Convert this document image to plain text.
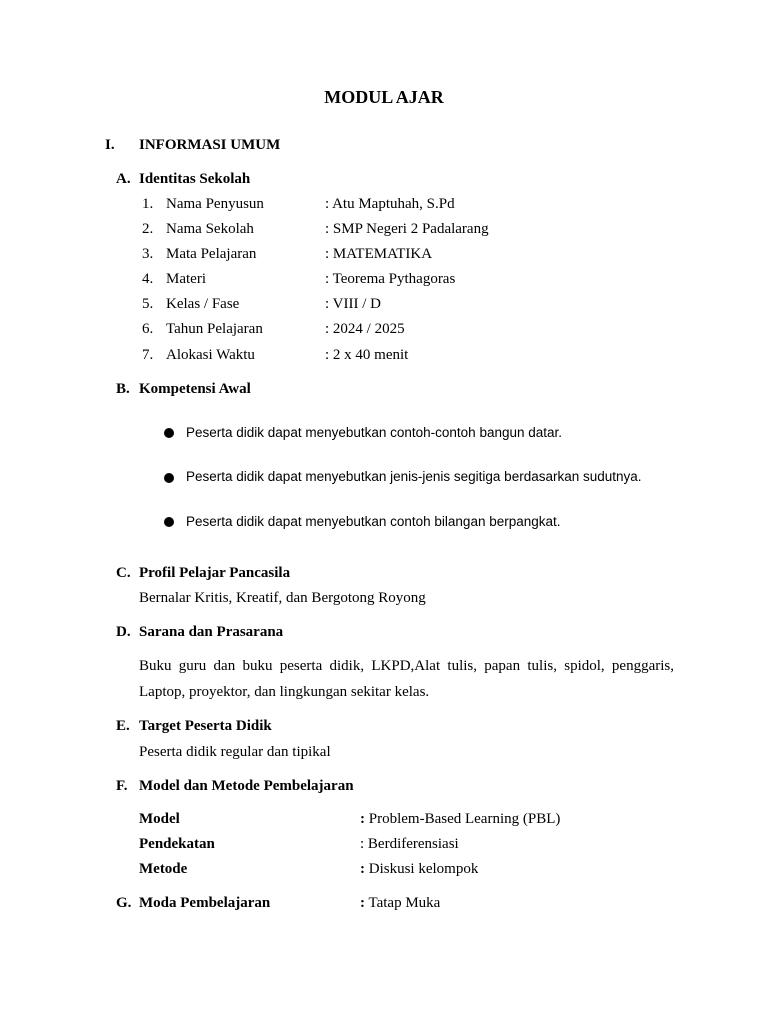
MODUL AJAR
I. INFORMASI UMUM
A. Identitas Sekolah
1. Nama Penyusun	: Atu Maptuhah, S.Pd
2. Nama Sekolah	: SMP Negeri 2 Padalarang
3. Mata Pelajaran	: MATEMATIKA
4. Materi	: Teorema Pythagoras
5. Kelas / Fase	: VIII / D
6. Tahun Pelajaran	: 2024 / 2025
7. Alokasi Waktu	: 2 x 40 menit
B. Kompetensi Awal
Peserta didik dapat menyebutkan contoh-contoh bangun datar.
Peserta didik dapat menyebutkan jenis-jenis segitiga berdasarkan sudutnya.
Peserta didik dapat menyebutkan contoh bilangan berpangkat.
C. Profil Pelajar Pancasila
Bernalar Kritis, Kreatif, dan Bergotong Royong
D. Sarana dan Prasarana
Buku guru dan buku peserta didik, LKPD,Alat tulis, papan tulis, spidol, penggaris,
Laptop, proyektor, dan lingkungan sekitar kelas.
E. Target Peserta Didik
Peserta didik regular dan tipikal
F. Model dan Metode Pembelajaran
Model	: Problem-Based Learning (PBL)
Pendekatan	: Berdiferensiasi
Metode	: Diskusi kelompok
G. Moda Pembelajaran	: Tatap Muka
